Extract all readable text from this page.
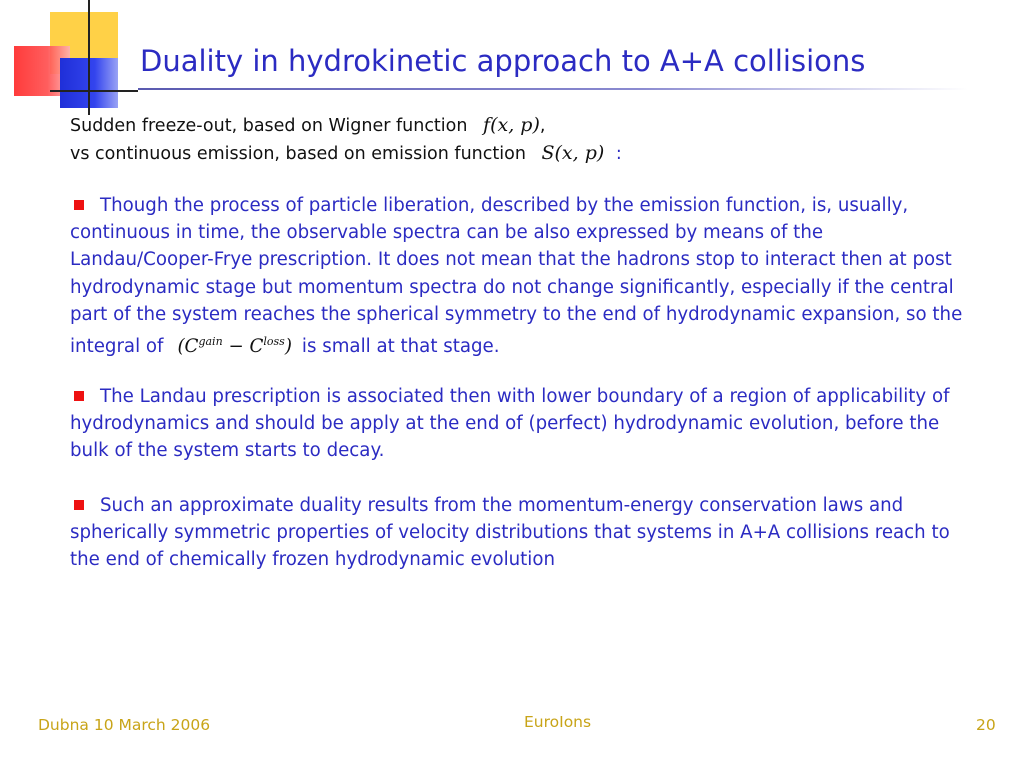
Duality in hydrokinetic approach to A+A collisions
Sudden freeze-out, based on Wigner function f(x, p),
vs continuous emission, based on emission function S(x, p) :
Though the process of particle liberation, described by the emission function, is, usually, continuous in time, the observable spectra can be also expressed by means of the Landau/Cooper-Frye prescription. It does not mean that the hadrons stop to interact then at post hydrodynamic stage but momentum spectra do not change significantly, especially if the central part of the system reaches the spherical symmetry to the end of hydrodynamic expansion, so the integral of $(C^{gain} - C^{loss})$ is small at that stage.
The Landau prescription is associated then with lower boundary of a region of applicability of hydrodynamics and should be apply at the end of (perfect) hydrodynamic evolution, before the bulk of the system starts to decay.
Such an approximate duality results from the momentum-energy conservation laws and spherically symmetric properties of velocity distributions that systems in A+A collisions reach to the end of chemically frozen hydrodynamic evolution
Dubna 10 March 2006	EuroIons	20
